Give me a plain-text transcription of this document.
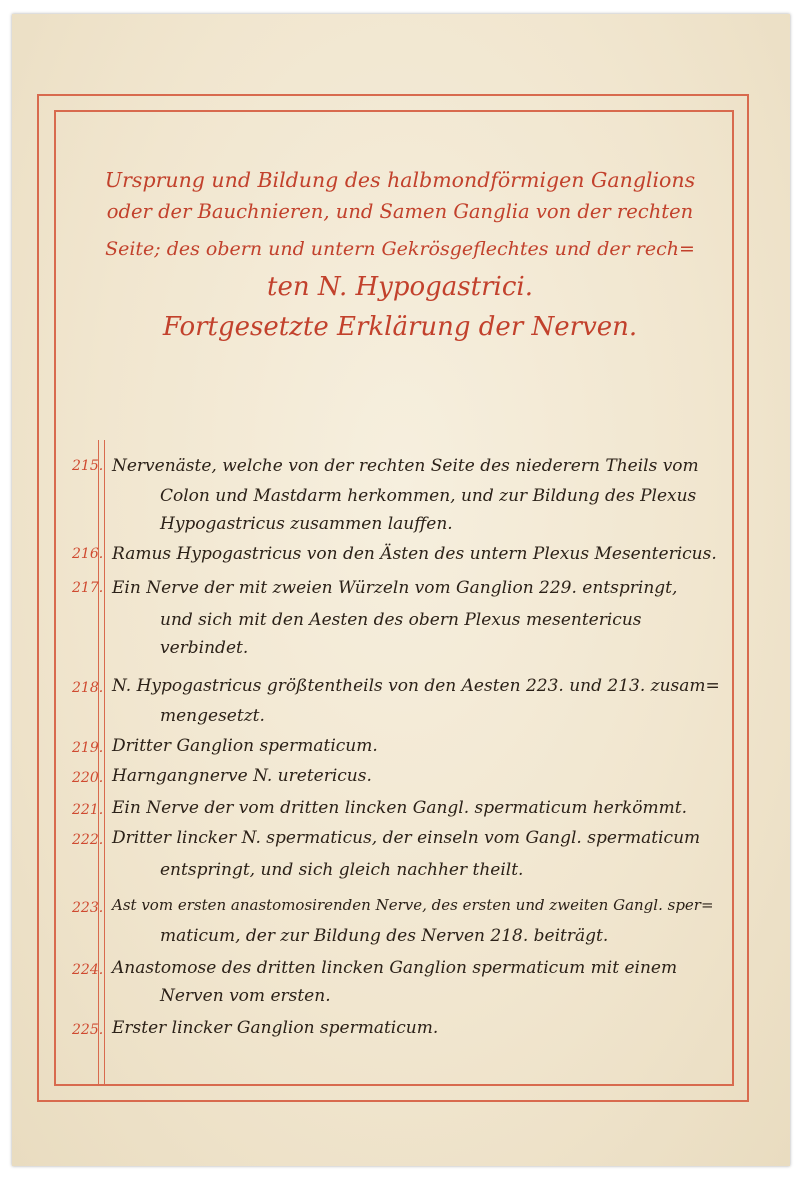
Ursprung und Bildung des halbmondförmigen Ganglions
oder der Bauchnieren, und Samen Ganglia von der rechten
Seite; des obern und untern Gekrösgeflechtes und der rech=
ten N. Hypogastrici.
Fortgesetzte Erklärung der Nerven.
215. Nervenäste, welche von der rechten Seite des niederern Theils vom
Colon und Mastdarm herkommen, und zur Bildung des Plexus
Hypogastricus zusammen lauffen.
216. Ramus Hypogastricus von den Ästen des untern Plexus Mesentericus.
217. Ein Nerve der mit zweien Würzeln vom Ganglion 229. entspringt,
und sich mit den Aesten des obern Plexus mesentericus
verbindet.
218. N. Hypogastricus größtentheils von den Aesten 223. und 213. zusam=
mengesetzt.
219. Dritter Ganglion spermaticum.
220. Harngangnerve N. uretericus.
221. Ein Nerve der vom dritten lincken Gangl. spermaticum herkömmt.
222. Dritter lincker N. spermaticus, der einseln vom Gangl. spermaticum
entspringt, und sich gleich nachher theilt.
223. Ast vom ersten anastomosirenden Nerve, des ersten und zweiten Gangl. sper=
maticum, der zur Bildung des Nerven 218. beiträgt.
224. Anastomose des dritten lincken Ganglion spermaticum mit einem
Nerven vom ersten.
225. Erster lincker Ganglion spermaticum.
